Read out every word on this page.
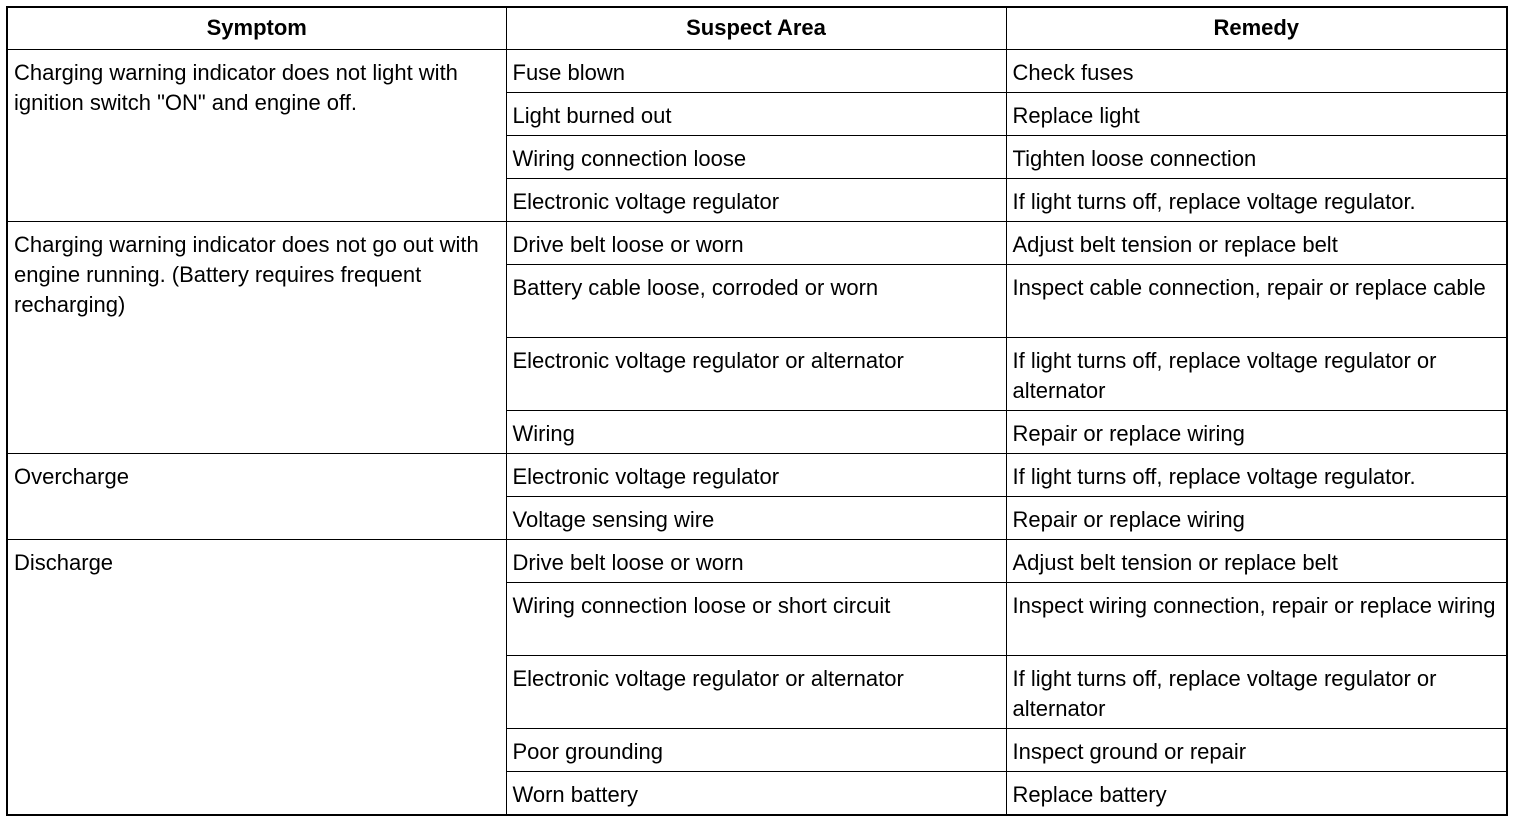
Symptom	Suspect Area	Remedy
Charging warning indicator does not light with ignition switch "ON" and engine off.	Fuse blown	Check fuses
	Light burned out	Replace light
	Wiring connection loose	Tighten loose connection
	Electronic voltage regulator	If light turns off, replace voltage regulator.
Charging warning indicator does not go out with engine running. (Battery requires frequent recharging)	Drive belt loose or worn	Adjust belt tension or replace belt
	Battery cable loose, corroded or worn	Inspect cable connection, repair or replace cable
	Electronic voltage regulator or alternator	If light turns off, replace voltage regulator or alternator
	Wiring	Repair or replace wiring
Overcharge	Electronic voltage regulator	If light turns off, replace voltage regulator.
	Voltage sensing wire	Repair or replace wiring
Discharge	Drive belt loose or worn	Adjust belt tension or replace belt
	Wiring connection loose or short circuit	Inspect wiring connection, repair or replace wiring
	Electronic voltage regulator or alternator	If light turns off, replace voltage regulator or alternator
	Poor grounding	Inspect ground or repair
	Worn battery	Replace battery
